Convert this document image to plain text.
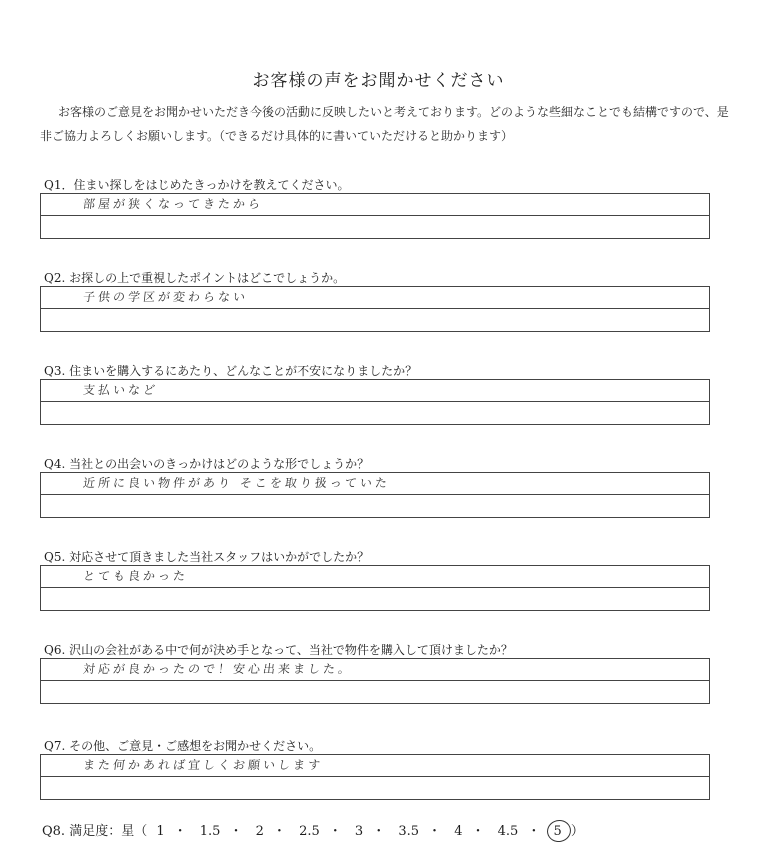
お客様の声をお聞かせください
お客様のご意見をお聞かせいただき今後の活動に反映したいと考えております。どのような些細なことでも結構ですので、是非ご協力よろしくお願いします。（できるだけ具体的に書いていただけると助かります）
Q1．住まい探しをはじめたきっかけを教えてください。
部屋が狭くなってきたから
Q2. お探しの上で重視したポイントはどこでしょうか。
子供の学区が変わらない
Q3. 住まいを購入するにあたり、どんなことが不安になりましたか？
支払いなど
Q4. 当社との出会いのきっかけはどのような形でしょうか？
近所に良い物件があり そこを取り扱っていた
Q5. 対応させて頂きました当社スタッフはいかがでしたか？
とても良かった
Q6. 沢山の会社がある中で何が決め手となって、当社で物件を購入して頂けましたか？
対応が良かったので！安心出来ました。
Q7. その他、ご意見・ご感想をお聞かせください。
また何かあれば宜しくお願いします
Q8. 満足度：星（ 1 ・ 1.5 ・ 2 ・ 2.5 ・ 3 ・ 3.5 ・ 4 ・ 4.5 ・ 5 ）
